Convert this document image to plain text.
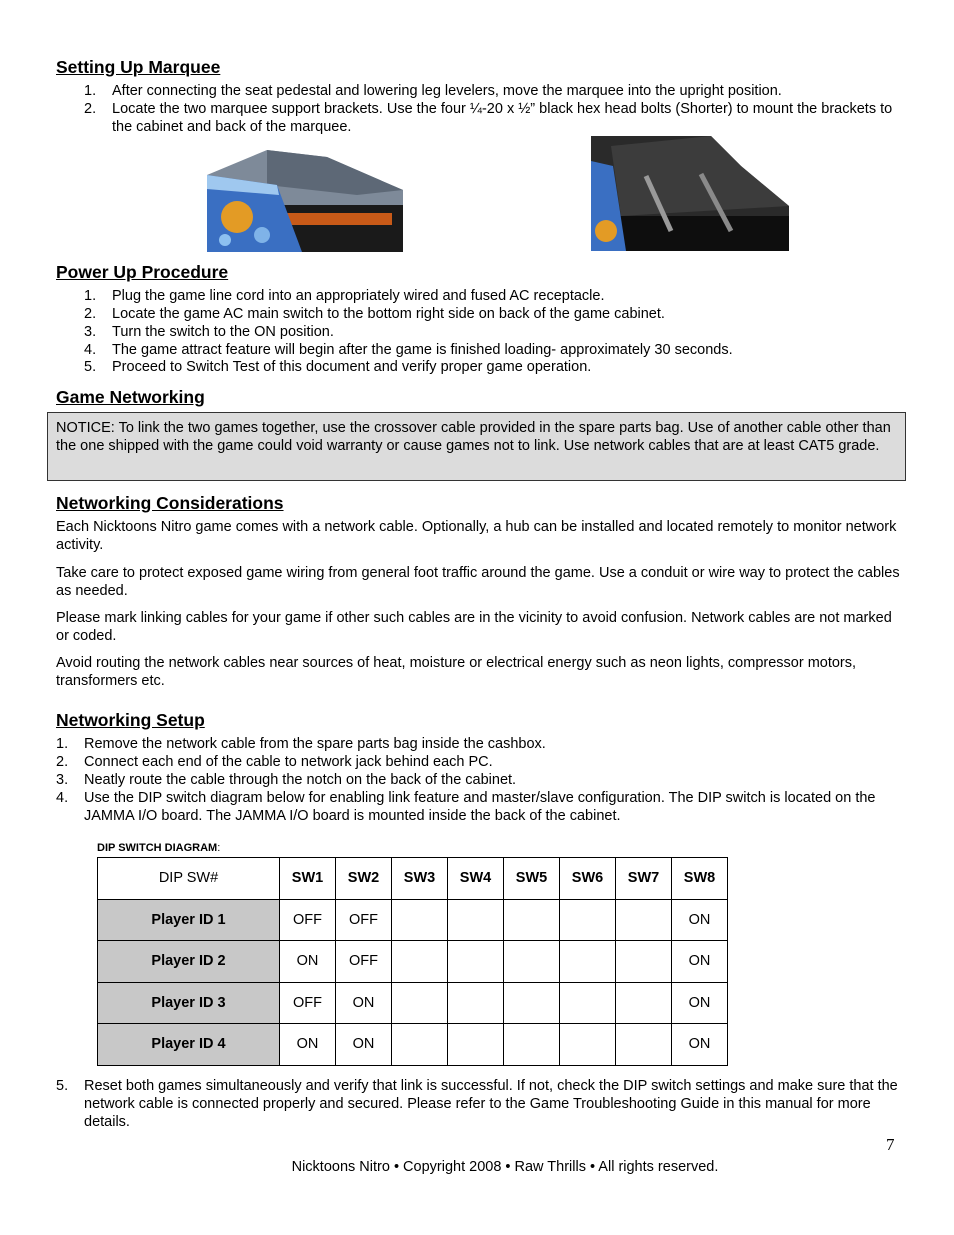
Setting Up Marquee
1. After connecting the seat pedestal and lowering leg levelers, move the marquee into the upright position.
2. Locate the two marquee support brackets. Use the four ¼-20 x ½” black hex head bolts (Shorter) to mount the brackets to the cabinet and back of the marquee.
Power Up Procedure
1. Plug the game line cord into an appropriately wired and fused AC receptacle.
2. Locate the game AC main switch to the bottom right side on back of the game cabinet.
3. Turn the switch to the ON position.
4. The game attract feature will begin after the game is finished loading- approximately 30 seconds.
5. Proceed to Switch Test of this document and verify proper game operation.
Game Networking
NOTICE: To link the two games together, use the crossover cable provided in the spare parts bag. Use of another cable other than the one shipped with the game could void warranty or cause games not to link. Use network cables that are at least CAT5 grade.
Networking Considerations
Each Nicktoons Nitro game comes with a network cable. Optionally, a hub can be installed and located remotely to monitor network activity.
Take care to protect exposed game wiring from general foot traffic around the game. Use a conduit or wire way to protect the cables as needed.
Please mark linking cables for your game if other such cables are in the vicinity to avoid confusion. Network cables are not marked or coded.
Avoid routing the network cables near sources of heat, moisture or electrical energy such as neon lights, compressor motors, transformers etc.
Networking Setup
1. Remove the network cable from the spare parts bag inside the cashbox.
2. Connect each end of the cable to network jack behind each PC.
3. Neatly route the cable through the notch on the back of the cabinet.
4. Use the DIP switch diagram below for enabling link feature and master/slave configuration. The DIP switch is located on the JAMMA I/O board. The JAMMA I/O board is mounted inside the back of the cabinet.
DIP SWITCH DIAGRAM:
DIP SW#	SW1	SW2	SW3	SW4	SW5	SW6	SW7	SW8
Player ID 1	OFF	OFF						ON
Player ID 2	ON	OFF						ON
Player ID 3	OFF	ON						ON
Player ID 4	ON	ON						ON
5. Reset both games simultaneously and verify that link is successful. If not, check the DIP switch settings and make sure that the network cable is connected properly and secured. Please refer to the Game Troubleshooting Guide in this manual for more details.
7
Nicktoons Nitro • Copyright 2008 • Raw Thrills • All rights reserved.
